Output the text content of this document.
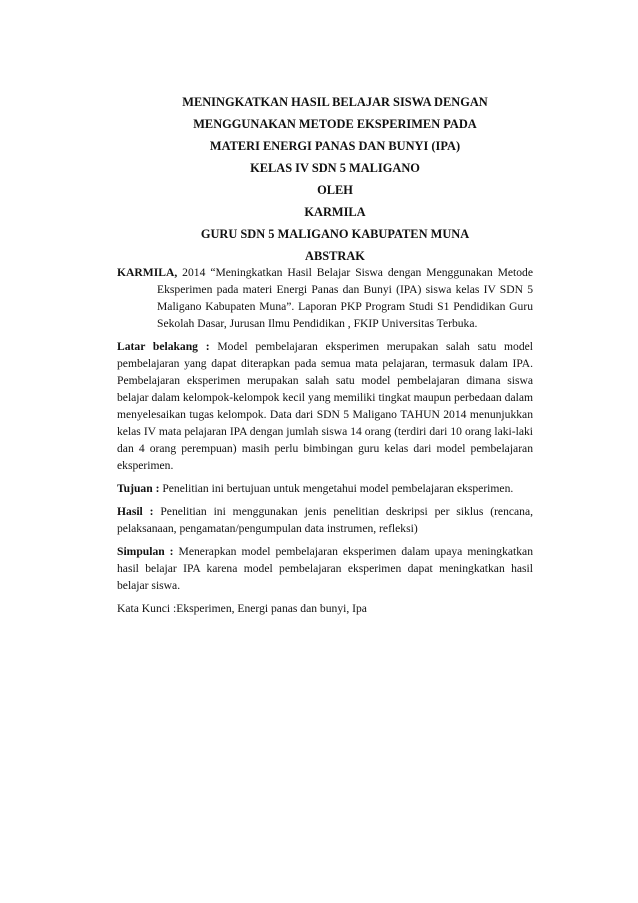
MENINGKATKAN HASIL BELAJAR SISWA DENGAN

MENGGUNAKAN METODE EKSPERIMEN PADA

MATERI ENERGI PANAS DAN BUNYI (IPA)

KELAS IV SDN 5 MALIGANO

OLEH

KARMILA

GURU SDN 5 MALIGANO KABUPATEN MUNA

ABSTRAK

KARMILA, 2014 “Meningkatkan Hasil Belajar Siswa dengan Menggunakan Metode Eksperimen pada materi Energi Panas dan Bunyi (IPA) siswa kelas IV SDN 5 Maligano Kabupaten Muna”. Laporan PKP Program Studi S1 Pendidikan Guru Sekolah Dasar, Jurusan Ilmu Pendidikan , FKIP Universitas Terbuka.

Latar belakang : Model pembelajaran eksperimen merupakan salah satu model pembelajaran yang dapat diterapkan pada semua mata pelajaran, termasuk dalam IPA. Pembelajaran eksperimen merupakan salah satu model pembelajaran dimana siswa belajar dalam kelompok-kelompok kecil yang memiliki tingkat maupun perbedaan dalam menyelesaikan tugas kelompok. Data dari SDN 5 Maligano TAHUN 2014 menunjukkan kelas IV mata pelajaran IPA dengan jumlah siswa 14 orang (terdiri dari 10 orang laki-laki dan 4 orang perempuan) masih perlu bimbingan guru kelas dari model pembelajaran eksperimen.

Tujuan : Penelitian ini bertujuan untuk mengetahui model pembelajaran eksperimen.

Hasil : Penelitian ini menggunakan jenis penelitian deskripsi per siklus (rencana, pelaksanaan, pengamatan/pengumpulan data instrumen, refleksi)

Simpulan : Menerapkan model pembelajaran eksperimen dalam upaya meningkatkan hasil belajar IPA karena model pembelajaran eksperimen dapat meningkatkan hasil belajar siswa.

Kata Kunci :Eksperimen, Energi panas dan bunyi, Ipa
